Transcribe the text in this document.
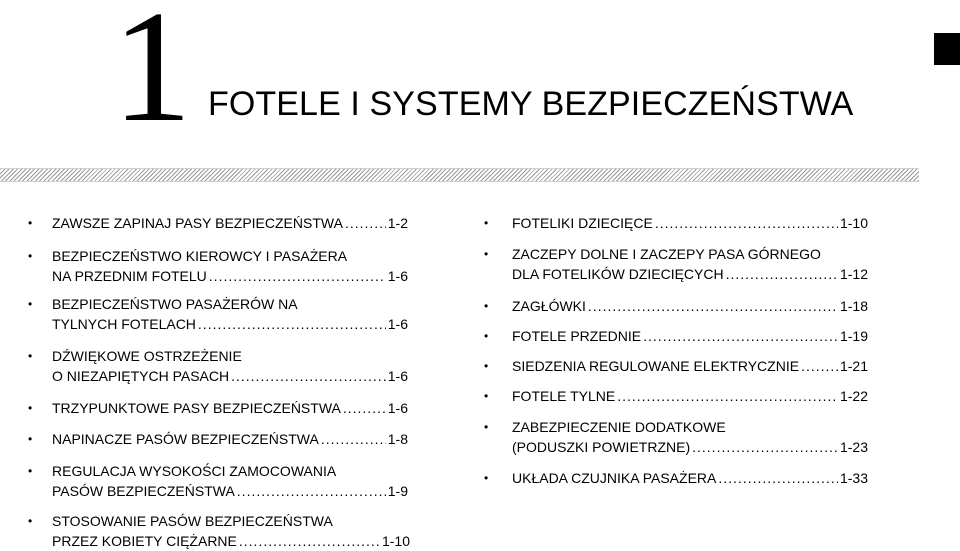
1 FOTELE I SYSTEMY BEZPIECZEŃSTWA
• ZAWSZE ZAPINAJ PASY BEZPIECZEŃSTWA .....	1-2
• BEZPIECZEŃSTWO KIEROWCY I PASAŻERA
NA PRZEDNIM FOTELU .....	1-6
• BEZPIECZEŃSTWO PASAŻERÓW NA
TYLNYCH FOTELACH .....	1-6
• DŹWIĘKOWE OSTRZEŻENIE
O NIEZAPIĘTYCH PASACH .....	1-6
• TRZYPUNKTOWE PASY BEZPIECZEŃSTWA .....	1-6
• NAPINACZE PASÓW BEZPIECZEŃSTWA .....	1-8
• REGULACJA WYSOKOŚCI ZAMOCOWANIA
PASÓW BEZPIECZEŃSTWA .....	1-9
• STOSOWANIE PASÓW BEZPIECZEŃSTWA
PRZEZ KOBIETY CIĘŻARNE .....	1-10
• FOTELIKI DZIECIĘCE .....	1-10
• ZACZEPY DOLNE I ZACZEPY PASA GÓRNEGO
DLA FOTELIKÓW DZIECIĘCYCH .....	1-12
• ZAGŁÓWKI .....	1-18
• FOTELE PRZEDNIE .....	1-19
• SIEDZENIA REGULOWANE ELEKTRYCZNIE .....	1-21
• FOTELE TYLNE .....	1-22
• ZABEZPIECZENIE DODATKOWE
(PODUSZKI POWIETRZNE) .....	1-23
• UKŁADA CZUJNIKA PASAŻERA .....	1-33
